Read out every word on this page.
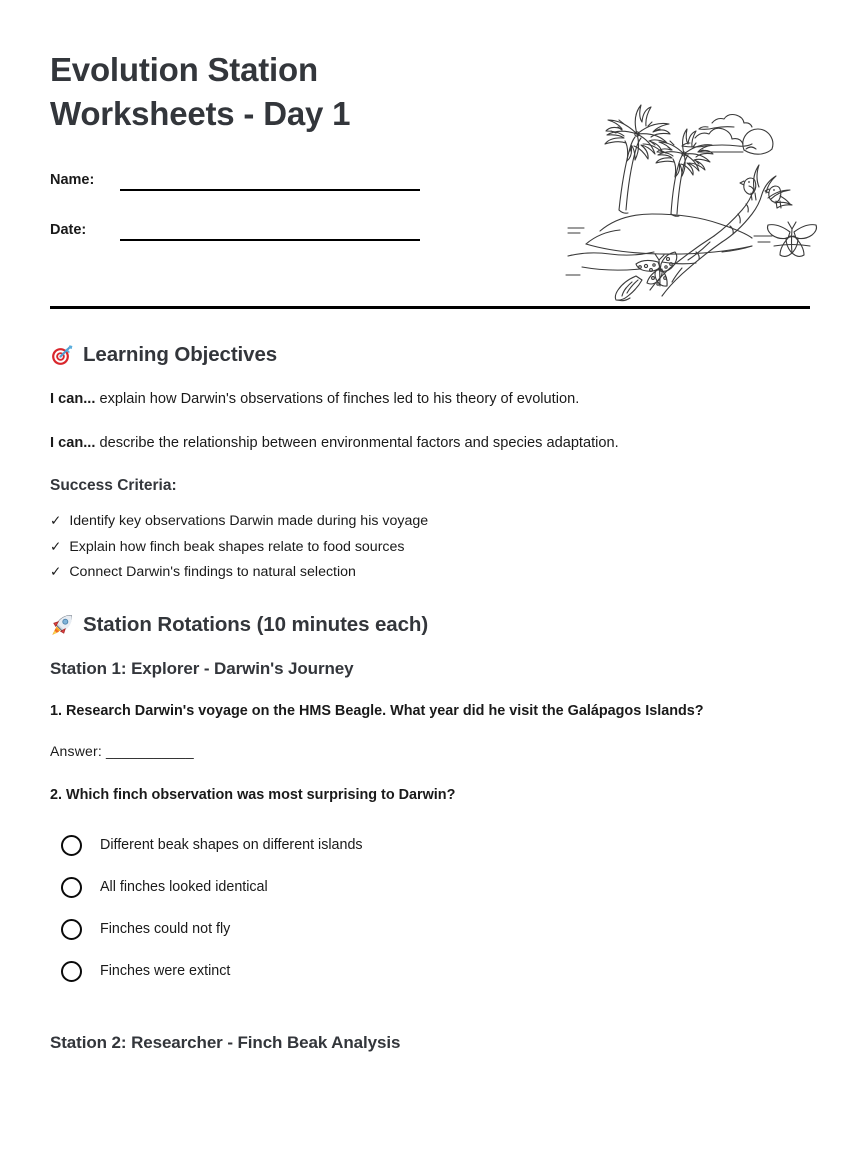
Evolution Station
Worksheets - Day 1
Name:
Date:
Learning Objectives

I can... explain how Darwin's observations of finches led to his theory of evolution.

I can... describe the relationship between environmental factors and species adaptation.

Success Criteria:
✓ Identify key observations Darwin made during his voyage
✓ Explain how finch beak shapes relate to food sources
✓ Connect Darwin's findings to natural selection
Station Rotations (10 minutes each)
Station 1: Explorer - Darwin's Journey

1. Research Darwin's voyage on the HMS Beagle. What year did he visit the Galápagos Islands?

Answer: ___________

2. Which finch observation was most surprising to Darwin?

Different beak shapes on different islands
All finches looked identical
Finches could not fly
Finches were extinct
Station 2: Researcher - Finch Beak Analysis
